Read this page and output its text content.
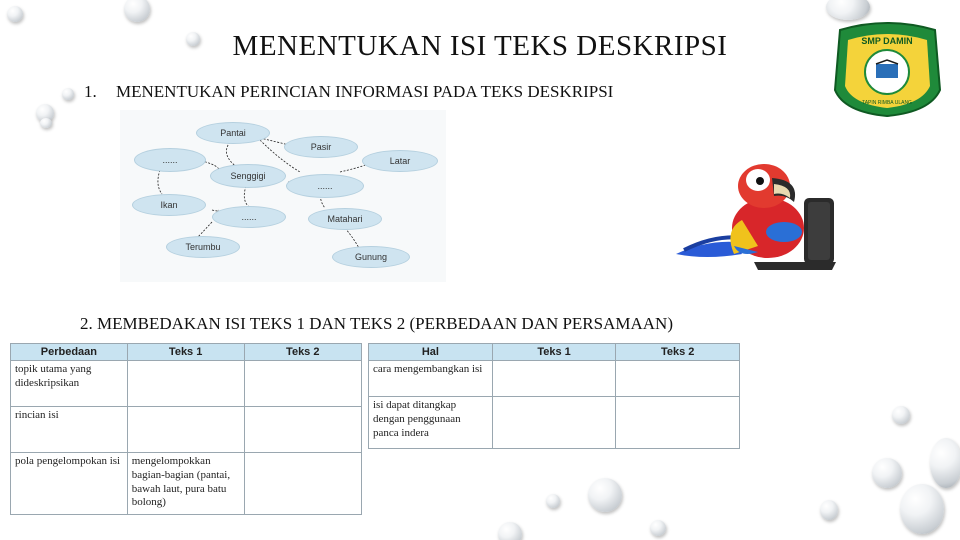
MENENTUKAN ISI TEKS DESKRIPSI	SMP DAMIN
TAPIN RIMBA ULANG
1. MENENTUKAN PERINCIAN INFORMASI PADA TEKS DESKRIPSI
Pantai
Pasir
Latar
......
Senggigi
......
Ikan
......	Matahari
Terumbu
Gunung
2. MEMBEDAKAN ISI TEKS 1 DAN TEKS 2 (PERBEDAAN DAN PERSAMAAN)
Perbedaan	Teks 1	Teks 2
topik utama yang dideskripsikan		
rincian isi		
pola pengelompokan isi	mengelompokkan bagian-bagian (pantai, bawah laut, pura batu bolong)	
Hal	Teks 1	Teks 2
cara mengembangkan isi		
isi dapat ditangkap dengan penggunaan panca indera		
